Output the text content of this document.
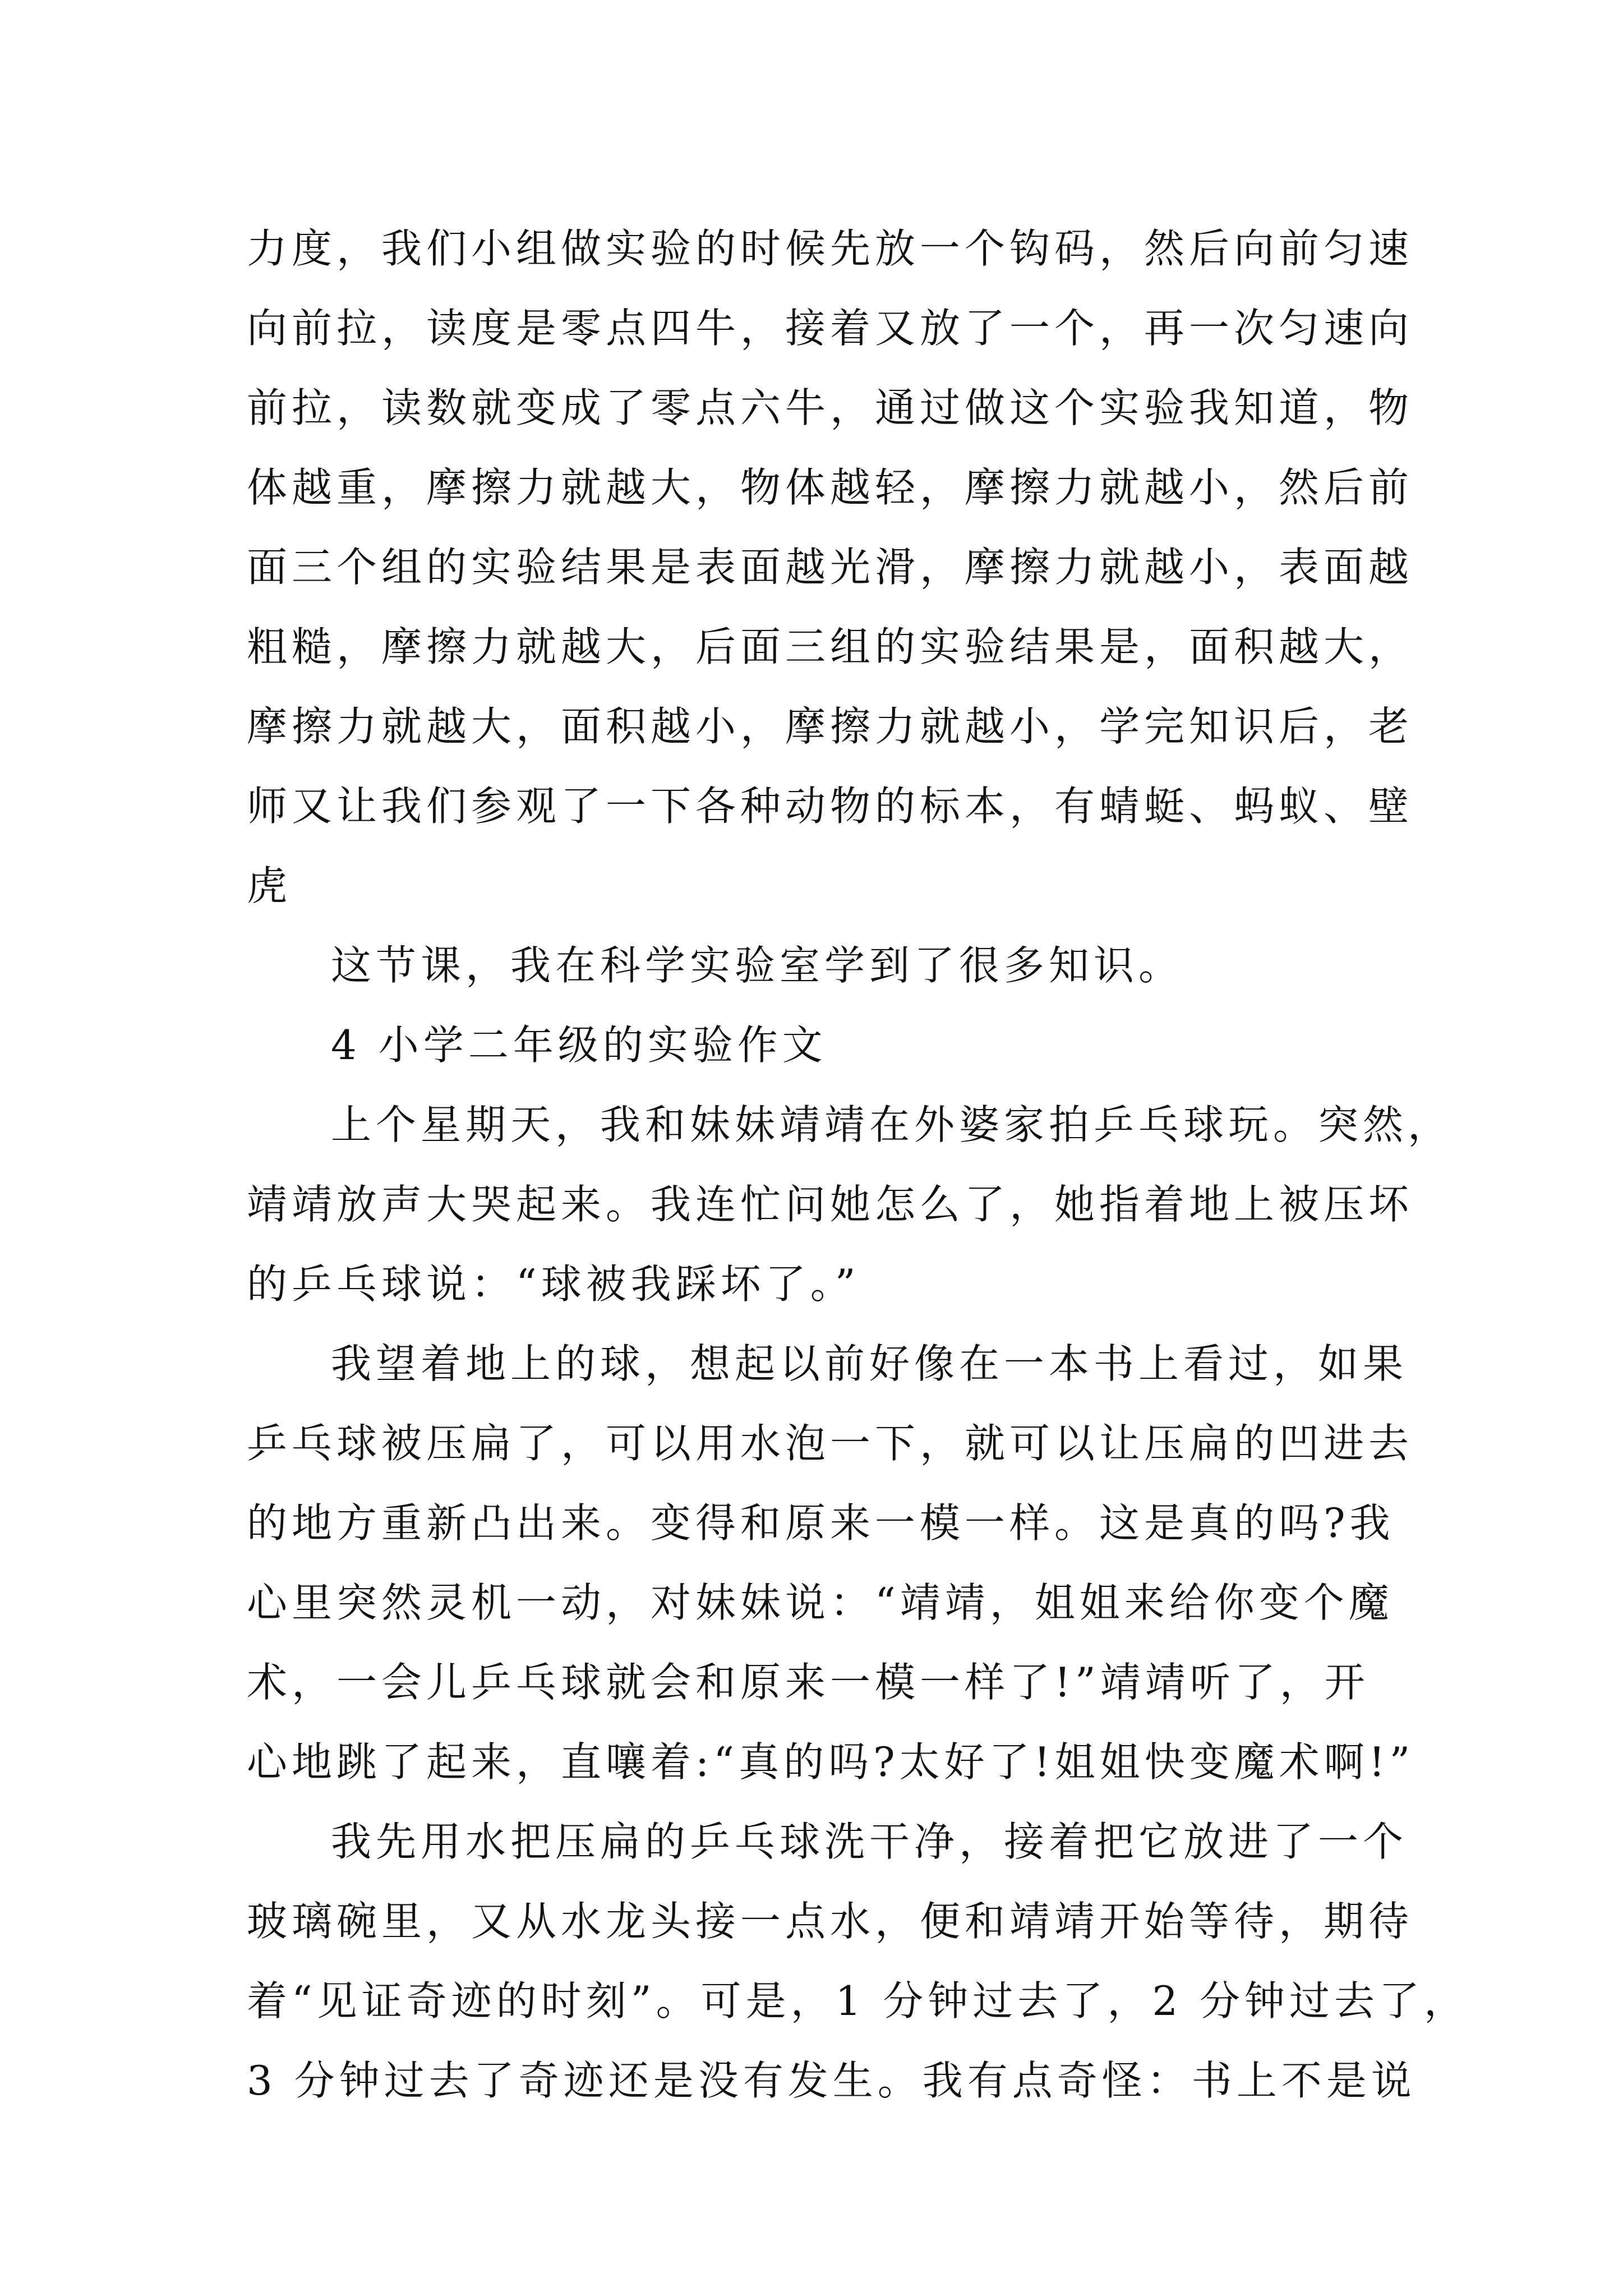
力度，我们小组做实验的时候先放一个钩码，然后向前匀速
向前拉，读度是零点四牛，接着又放了一个，再一次匀速向
前拉，读数就变成了零点六牛，通过做这个实验我知道，物
体越重，摩擦力就越大，物体越轻，摩擦力就越小，然后前
面三个组的实验结果是表面越光滑，摩擦力就越小，表面越
粗糙，摩擦力就越大，后面三组的实验结果是，面积越大，
摩擦力就越大，面积越小，摩擦力就越小，学完知识后，老
师又让我们参观了一下各种动物的标本，有蜻蜓、蚂蚁、壁
虎
这节课，我在科学实验室学到了很多知识。
4 小学二年级的实验作文
上个星期天，我和妹妹靖靖在外婆家拍乒乓球玩。突然，
靖靖放声大哭起来。我连忙问她怎么了，她指着地上被压坏
的乒乓球说：“球被我踩坏了。”
我望着地上的球，想起以前好像在一本书上看过，如果
乒乓球被压扁了，可以用水泡一下，就可以让压扁的凹进去
的地方重新凸出来。变得和原来一模一样。这是真的吗?我
心里突然灵机一动，对妹妹说：“靖靖，姐姐来给你变个魔
术，一会儿乒乓球就会和原来一模一样了!”靖靖听了，开
心地跳了起来，直嚷着:“真的吗?太好了!姐姐快变魔术啊!”
我先用水把压扁的乒乓球洗干净，接着把它放进了一个
玻璃碗里，又从水龙头接一点水，便和靖靖开始等待，期待
着“见证奇迹的时刻”。可是，1 分钟过去了，2 分钟过去了，
3 分钟过去了奇迹还是没有发生。我有点奇怪：书上不是说
